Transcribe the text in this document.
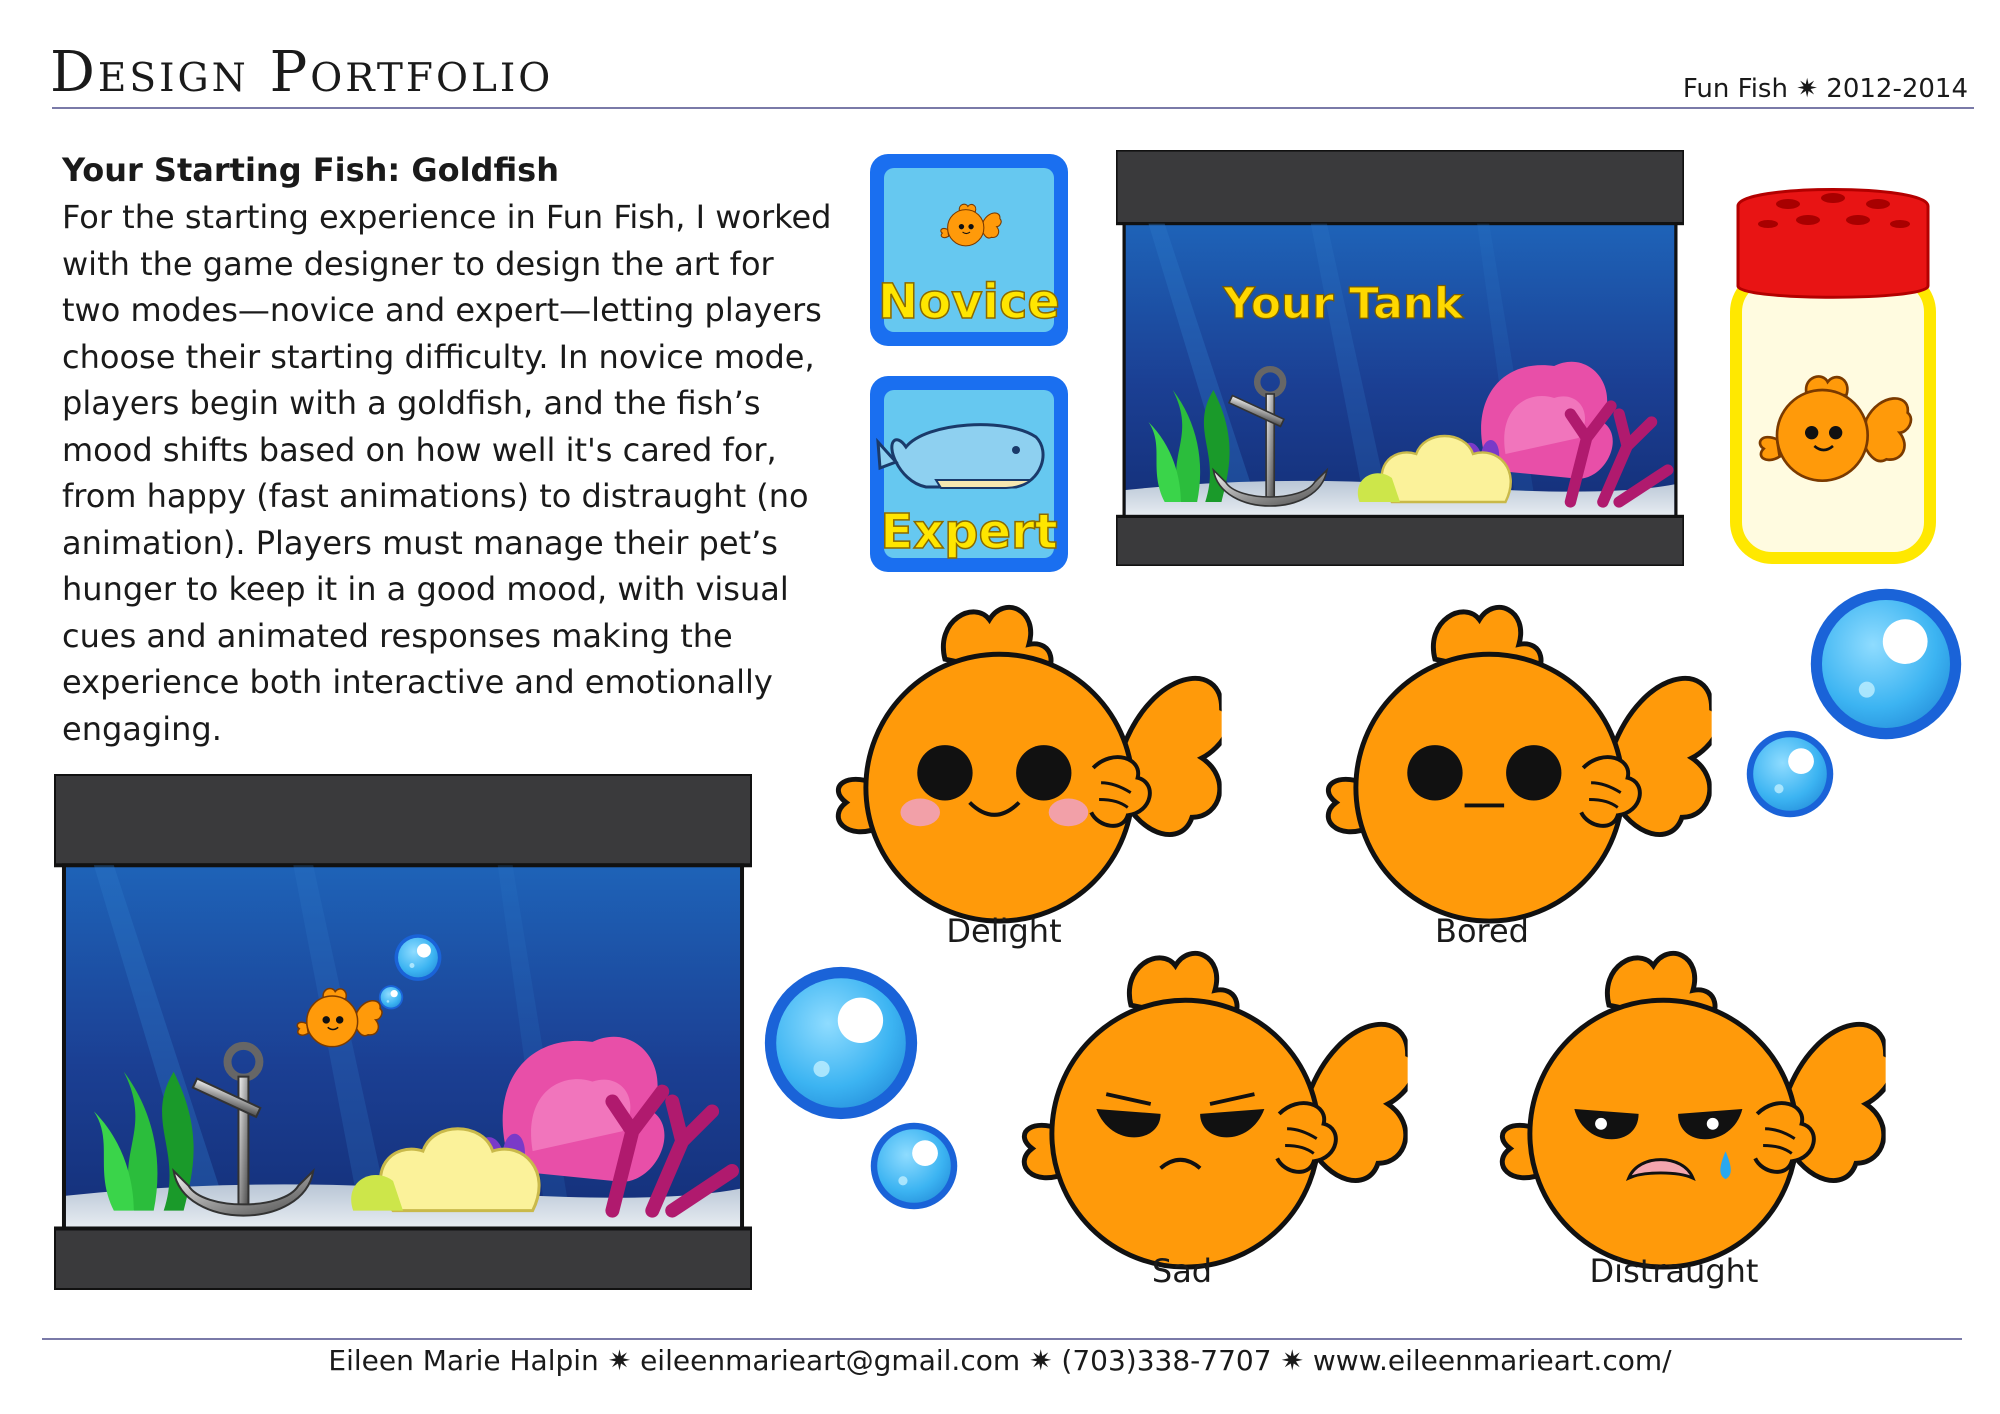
Design Portfolio	Fun Fish ✷ 2012-2014
Your Starting Fish: Goldfish
For the starting experience in Fun Fish, I worked with the game designer to design the art for two modes—novice and expert—letting players choose their starting difficulty. In novice mode, players begin with a goldfish, and the fish’s mood shifts based on how well it's cared for, from happy (fast animations) to distraught (no animation). Players must manage their pet’s hunger to keep it in a good mood, with visual cues and animated responses making the experience both interactive and emotionally engaging.
Novice
Expert
Your Tank
Delight	Bored
Sad	Distraught
Eileen Marie Halpin ✷ eileenmarieart@gmail.com ✷ (703)338-7707 ✷ www.eileenmarieart.com/
